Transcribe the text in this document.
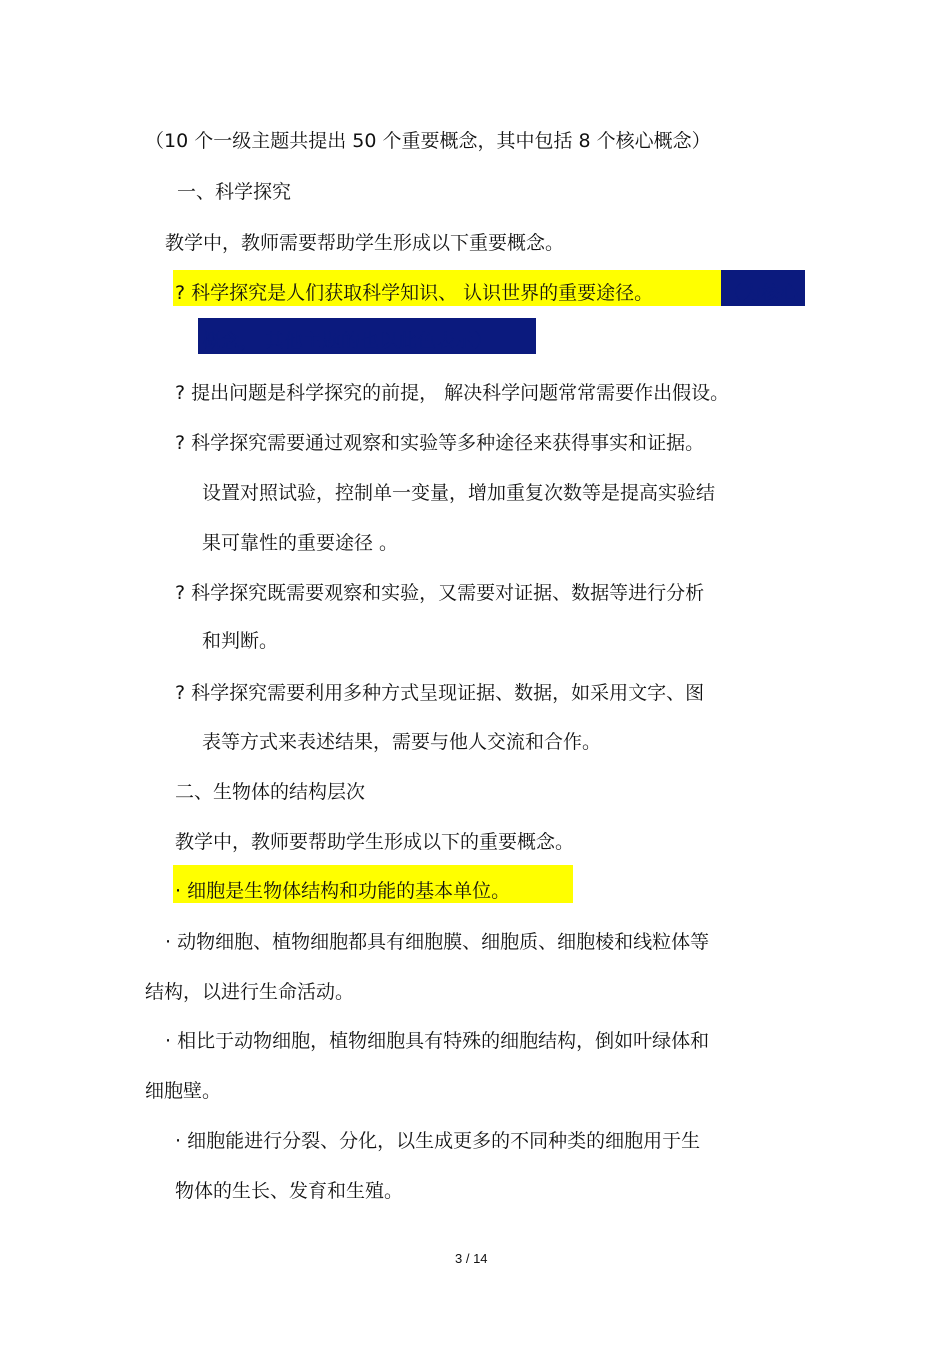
（10 个一级主题共提出 50 个重要概念，其中包括 8 个核心概念）
一、科学探究
教学中，教师需要帮助学生形成以下重要概念。
? 科学探究是人们获取科学知识、 认识世界的重要途径。	（为核心
概念， 其他主题的也以此色表示）
? 提出问题是科学探究的前提， 解决科学问题常常需要作出假设。
? 科学探究需要通过观察和实验等多种途径来获得事实和证据。
设置对照试验，控制单一变量，增加重复次数等是提高实验结
果可靠性的重要途径 。
? 科学探究既需要观察和实验，又需要对证据、数据等进行分析
和判断。
? 科学探究需要利用多种方式呈现证据、数据，如采用文字、图
表等方式来表述结果，需要与他人交流和合作。
二、生物体的结构层次
教学中，教师要帮助学生形成以下的重要概念。
· 细胞是生物体结构和功能的基本单位。
· 动物细胞、植物细胞都具有细胞膜、细胞质、细胞棱和线粒体等
结构，以进行生命活动。
· 相比于动物细胞，植物细胞具有特殊的细胞结构，倒如叶绿体和
细胞壁。
· 细胞能进行分裂、分化，以生成更多的不同种类的细胞用于生
物体的生长、发育和生殖。
3 / 14
